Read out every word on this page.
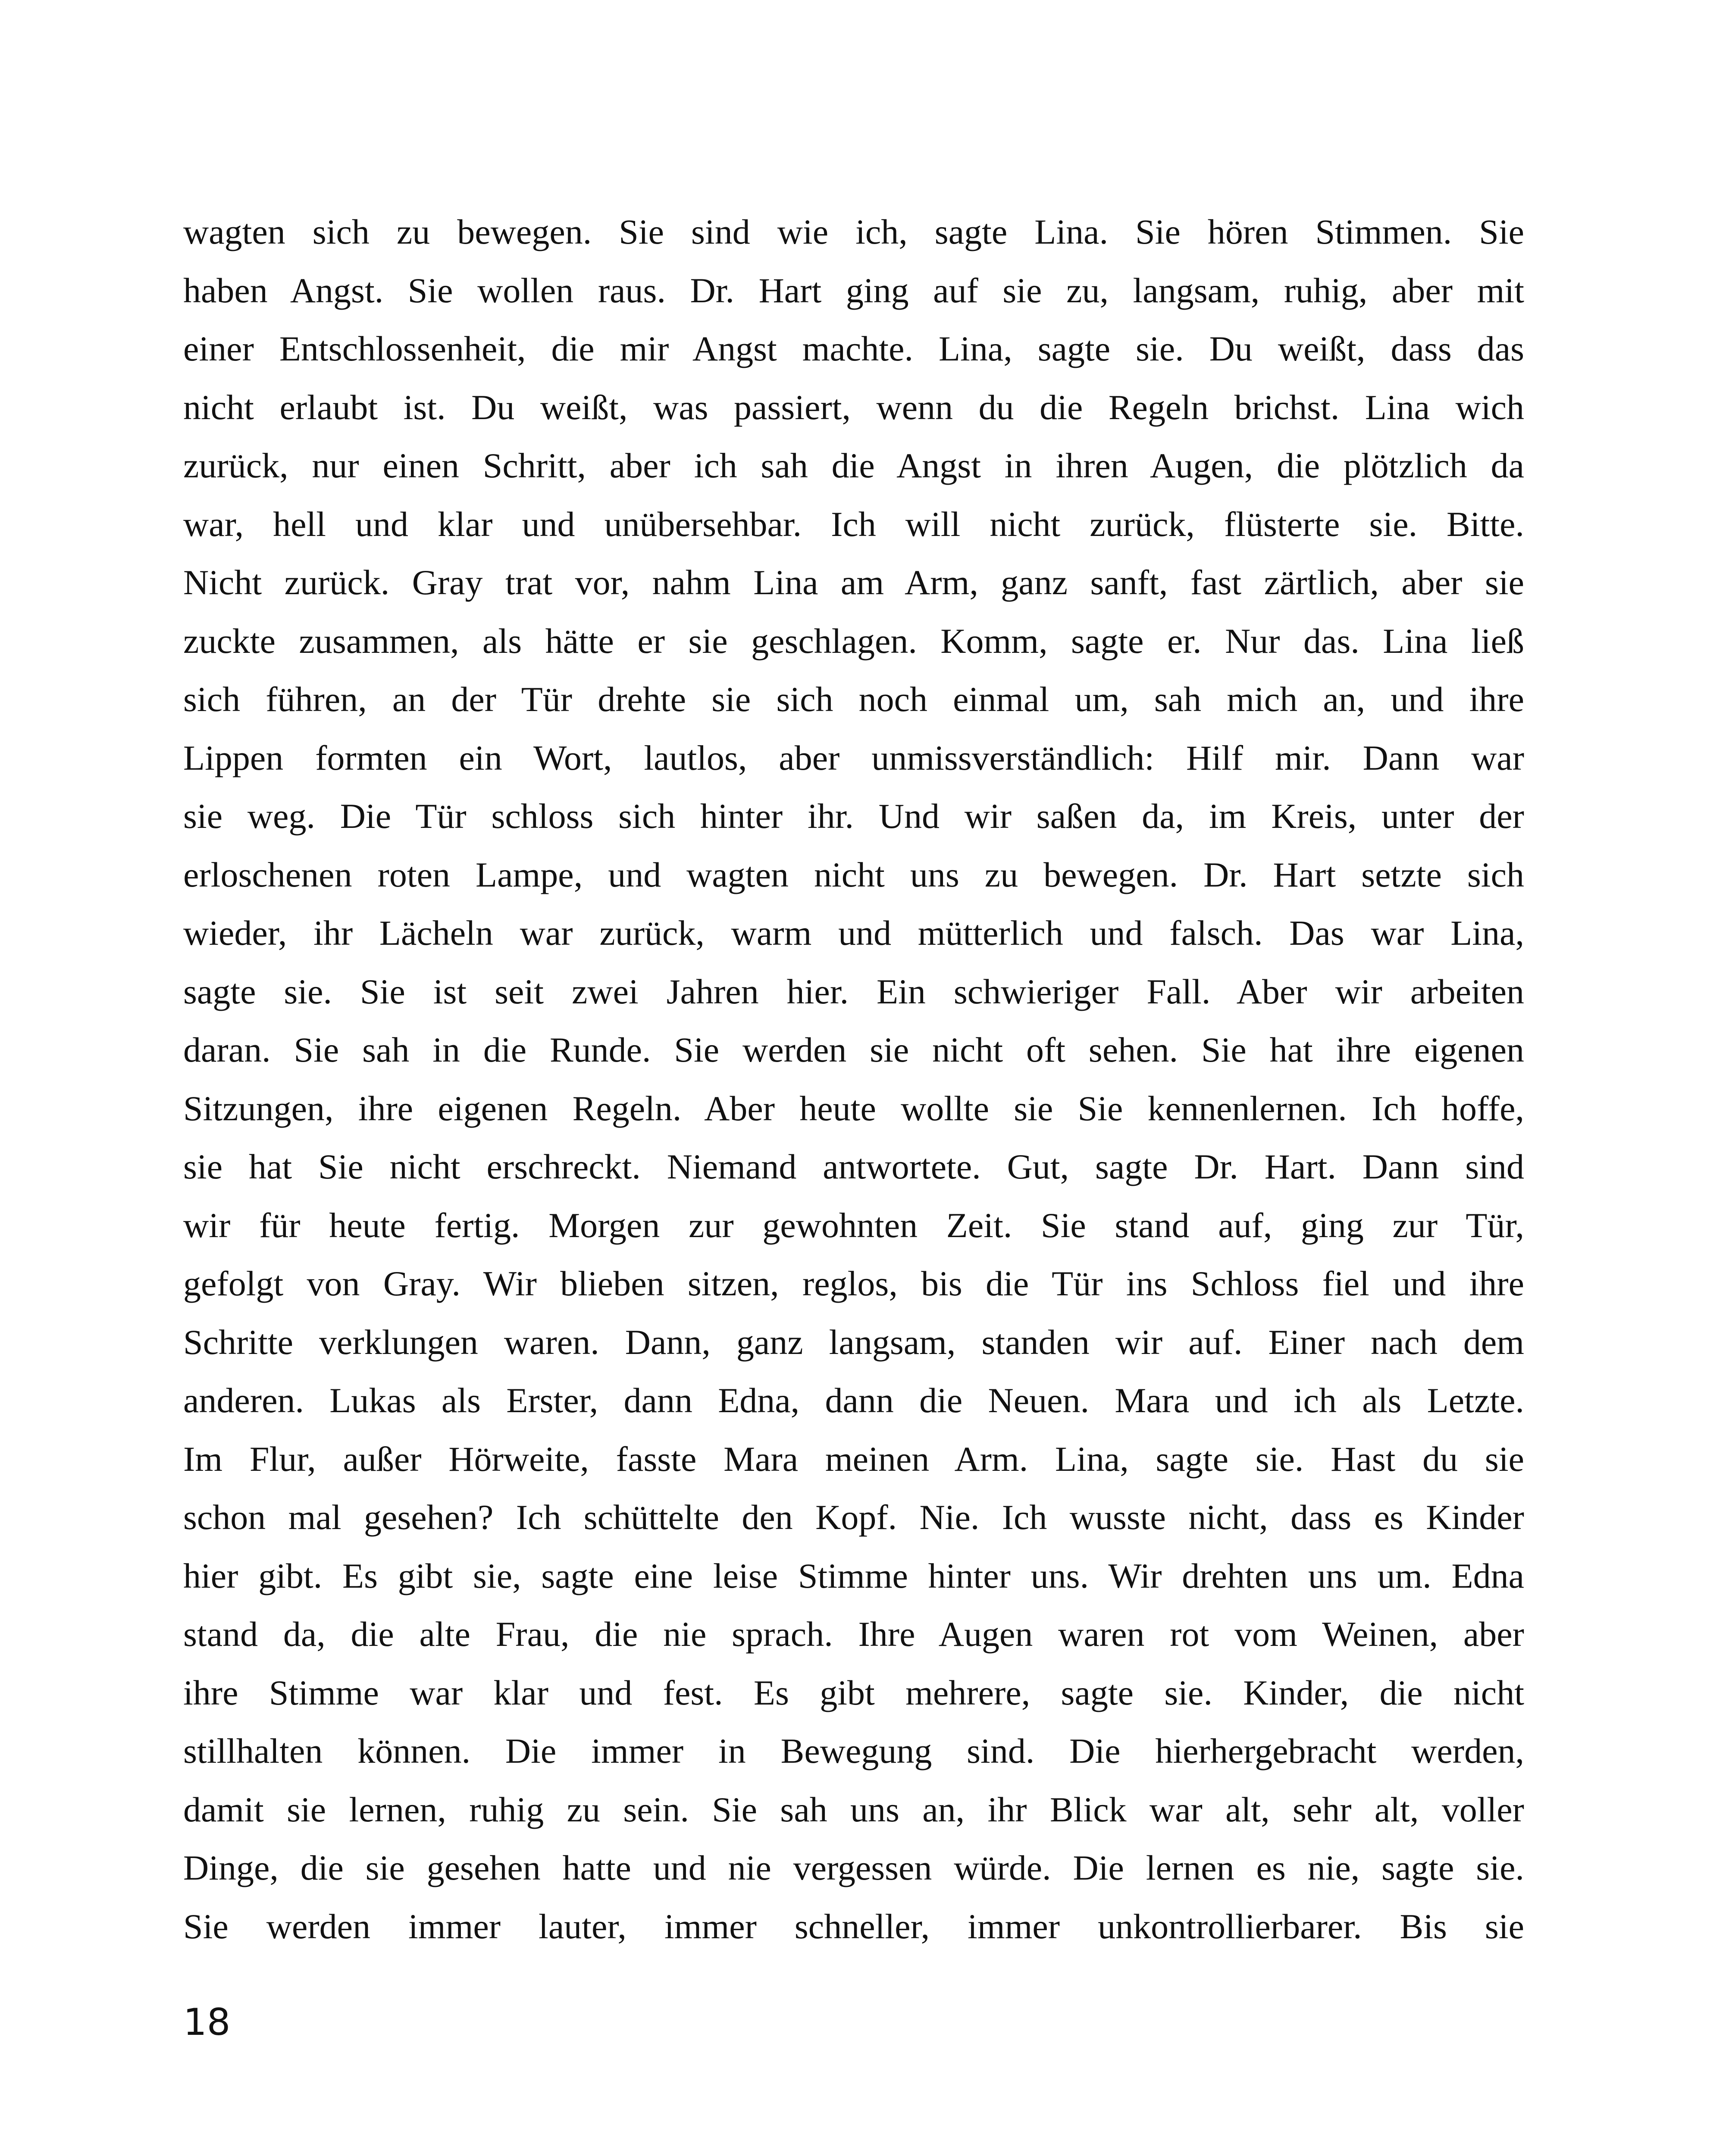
wagten sich zu bewegen. Sie sind wie ich, sagte Lina. Sie hören Stimmen. Sie
haben Angst. Sie wollen raus. Dr. Hart ging auf sie zu, langsam, ruhig, aber mit
einer Entschlossenheit, die mir Angst machte. Lina, sagte sie. Du weißt, dass das
nicht erlaubt ist. Du weißt, was passiert, wenn du die Regeln brichst. Lina wich
zurück, nur einen Schritt, aber ich sah die Angst in ihren Augen, die plötzlich da
war, hell und klar und unübersehbar. Ich will nicht zurück, flüsterte sie. Bitte.
Nicht zurück. Gray trat vor, nahm Lina am Arm, ganz sanft, fast zärtlich, aber sie
zuckte zusammen, als hätte er sie geschlagen. Komm, sagte er. Nur das. Lina ließ
sich führen, an der Tür drehte sie sich noch einmal um, sah mich an, und ihre
Lippen formten ein Wort, lautlos, aber unmissverständlich: Hilf mir. Dann war
sie weg. Die Tür schloss sich hinter ihr. Und wir saßen da, im Kreis, unter der
erloschenen roten Lampe, und wagten nicht uns zu bewegen. Dr. Hart setzte sich
wieder, ihr Lächeln war zurück, warm und mütterlich und falsch. Das war Lina,
sagte sie. Sie ist seit zwei Jahren hier. Ein schwieriger Fall. Aber wir arbeiten
daran. Sie sah in die Runde. Sie werden sie nicht oft sehen. Sie hat ihre eigenen
Sitzungen, ihre eigenen Regeln. Aber heute wollte sie Sie kennenlernen. Ich hoffe,
sie hat Sie nicht erschreckt. Niemand antwortete. Gut, sagte Dr. Hart. Dann sind
wir für heute fertig. Morgen zur gewohnten Zeit. Sie stand auf, ging zur Tür,
gefolgt von Gray. Wir blieben sitzen, reglos, bis die Tür ins Schloss fiel und ihre
Schritte verklungen waren. Dann, ganz langsam, standen wir auf. Einer nach dem
anderen. Lukas als Erster, dann Edna, dann die Neuen. Mara und ich als Letzte.
Im Flur, außer Hörweite, fasste Mara meinen Arm. Lina, sagte sie. Hast du sie
schon mal gesehen? Ich schüttelte den Kopf. Nie. Ich wusste nicht, dass es Kinder
hier gibt. Es gibt sie, sagte eine leise Stimme hinter uns. Wir drehten uns um. Edna
stand da, die alte Frau, die nie sprach. Ihre Augen waren rot vom Weinen, aber
ihre Stimme war klar und fest. Es gibt mehrere, sagte sie. Kinder, die nicht
stillhalten können. Die immer in Bewegung sind. Die hierhergebracht werden,
damit sie lernen, ruhig zu sein. Sie sah uns an, ihr Blick war alt, sehr alt, voller
Dinge, die sie gesehen hatte und nie vergessen würde. Die lernen es nie, sagte sie.
Sie werden immer lauter, immer schneller, immer unkontrollierbarer. Bis sie
18
